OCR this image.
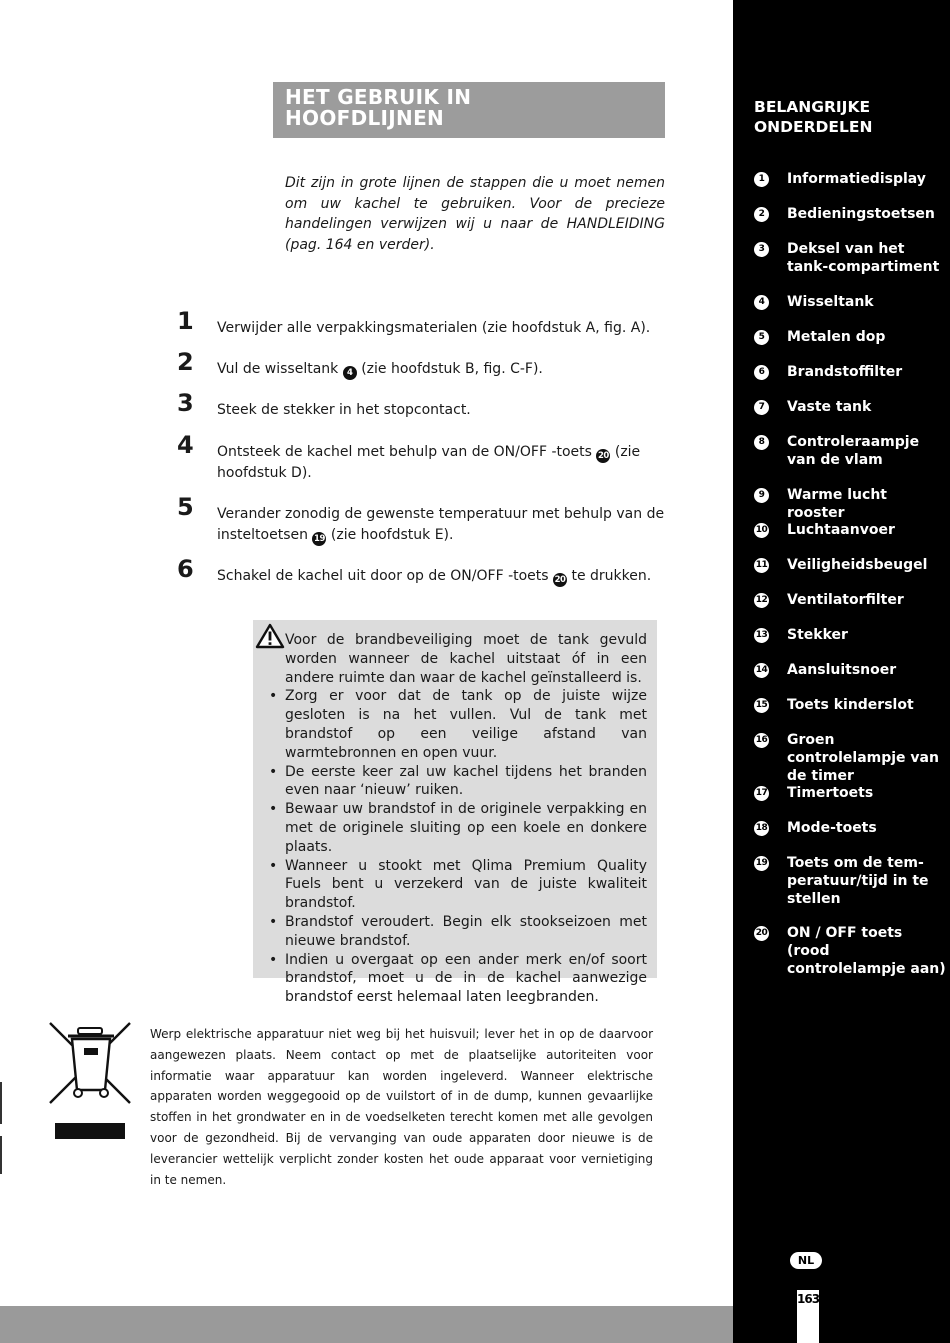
HET GEBRUIK IN
HOOFDLIJNEN
Dit zijn in grote lijnen de stappen die u moet nemen om uw kachel te gebruiken. Voor de precieze handelingen verwijzen wij u naar de HANDLEIDING (pag. 164 en verder).
1	Verwijder alle verpakkingsmaterialen (zie hoofdstuk A, fig. A).
2	Vul de wisseltank 4 (zie hoofdstuk B, fig. C-F).
3	Steek de stekker in het stopcontact.
4	Ontsteek de kachel met behulp van de ON/OFF -toets 20 (zie hoofdstuk D).
5	Verander zonodig de gewenste temperatuur met behulp van de insteltoetsen 19 (zie hoofdstuk E).
6	Schakel de kachel uit door op de ON/OFF -toets 20 te drukken.
Voor de brandbeveiliging moet de tank gevuld worden wanneer de kachel uitstaat óf in een andere ruimte dan waar de kachel geïnstalleerd is.
• Zorg er voor dat de tank op de juiste wijze gesloten is na het vullen. Vul de tank met brandstof op een veilige afstand van warmtebronnen en open vuur.
• De eerste keer zal uw kachel tijdens het branden even naar ‘nieuw’ ruiken.
• Bewaar uw brandstof in de originele verpakking en met de originele sluiting op een koele en donkere plaats.
• Wanneer u stookt met Qlima Premium Quality Fuels bent u verzekerd van de juiste kwaliteit brandstof.
• Brandstof veroudert. Begin elk stookseizoen met nieuwe brandstof.
• Indien u overgaat op een ander merk en/of soort brandstof, moet u de in de kachel aanwezige brandstof eerst helemaal laten leegbranden.
Werp elektrische apparatuur niet weg bij het huisvuil; lever het in op de daarvoor aangewezen plaats. Neem contact op met de plaatselijke autoriteiten voor informatie waar apparatuur kan worden ingeleverd. Wanneer elektrische apparaten worden weggegooid op de vuilstort of in de dump, kunnen gevaarlijke stoffen in het grondwater en in de voedselketen terecht komen met alle gevolgen voor de gezondheid. Bij de vervanging van oude apparaten door nieuwe is de leverancier wettelijk verplicht zonder kosten het oude apparaat voor vernietiging in te nemen.
BELANGRIJKE
ONDERDELEN
1	Informatiedisplay
2	Bedieningstoetsen
3	Deksel van het tank-compartiment
4	Wisseltank
5	Metalen dop
6	Brandstoffilter
7	Vaste tank
8	Controleraampje van de vlam
9	Warme lucht rooster
10 Luchtaanvoer
11 Veiligheidsbeugel
12 Ventilatorfilter
13 Stekker
14 Aansluitsnoer
15 Toets kinderslot
16 Groen controlelampje van de timer
17 Timertoets
18 Mode-toets
19 Toets om de tem-peratuur/tijd in te stellen
20 ON / OFF toets (rood controlelampje aan)
NL
163
